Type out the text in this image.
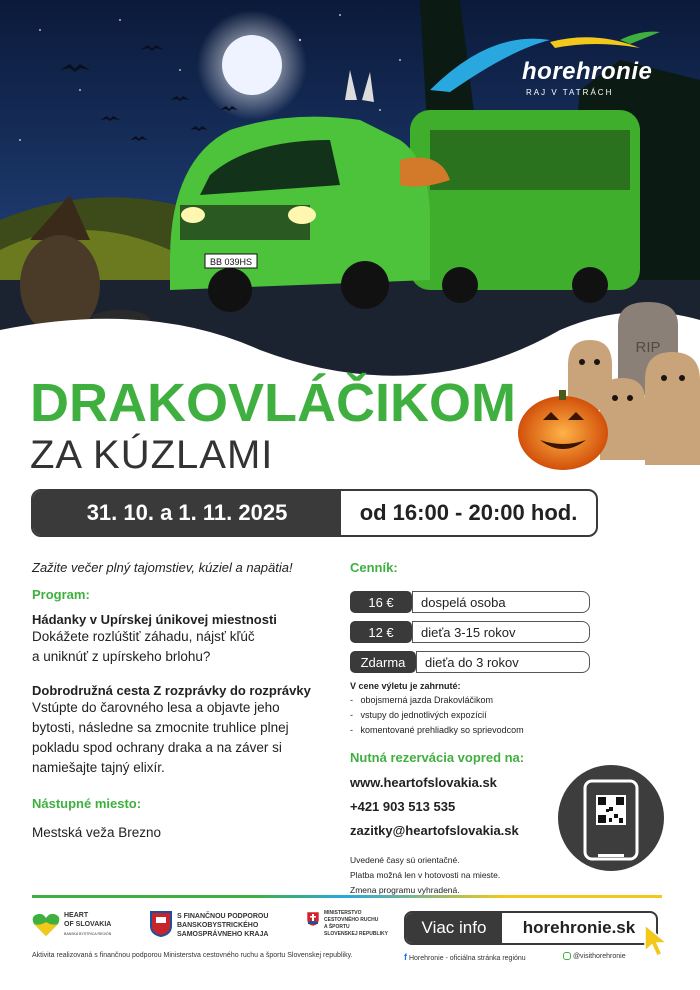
BB 039HS
RIP
horehronie
RAJ V TATRÁCH
DRAKOVLÁČIKOM
ZA KÚZLAMI
31. 10. a 1. 11. 2025	od 16:00 - 20:00 hod.

Zažite večer plný tajomstiev, kúziel a napätia!

Program:

Hádanky v Upírskej únikovej miestnosti

Dokážete rozlúštiť záhadu, nájsť kľúč

a uniknúť z upírskeho brlohu?

Dobrodružná cesta Z rozprávky do rozprávky

Vstúpte do čarovného lesa a objavte jeho

bytosti, následne sa zmocnite truhlice plnej

pokladu spod ochrany draka a na záver si

namiešajte tajný elixír.

Nástupné miesto:

Mestská veža Brezno

Cenník:

16 €	dospelá osoba
12 €	dieťa 3-15 rokov
Zdarma	dieťa do 3 rokov

V cene výletu je zahrnuté:

-   obojsmerná jazda Drakovláčikom

-   vstupy do jednotlivých expozícií

-   komentované prehliadky so sprievodcom

Nutná rezervácia vopred na:

www.heartofslovakia.sk

+421 903 513 535

zazitky@heartofslovakia.sk

Uvedené časy sú orientačné.

Platba možná len v hotovosti na mieste.

Zmena programu vyhradená.

HEART
OF SLOVAKIA
BANSKÁ BYSTRICA REGIÓN
S FINANČNOU PODPOROU
BANSKOBYSTRICKÉHO
SAMOSPRÁVNEHO KRAJA
MINISTERSTVO
CESTOVNÉHO RUCHU
A ŠPORTU
SLOVENSKEJ REPUBLIKY	Viac info	horehronie.sk
Aktivita realizovaná s finančnou podporou Ministerstva cestovného ruchu a športu Slovenskej republiky.	f Horehronie - oficiálna stránka regiónu	@visithorehronie
